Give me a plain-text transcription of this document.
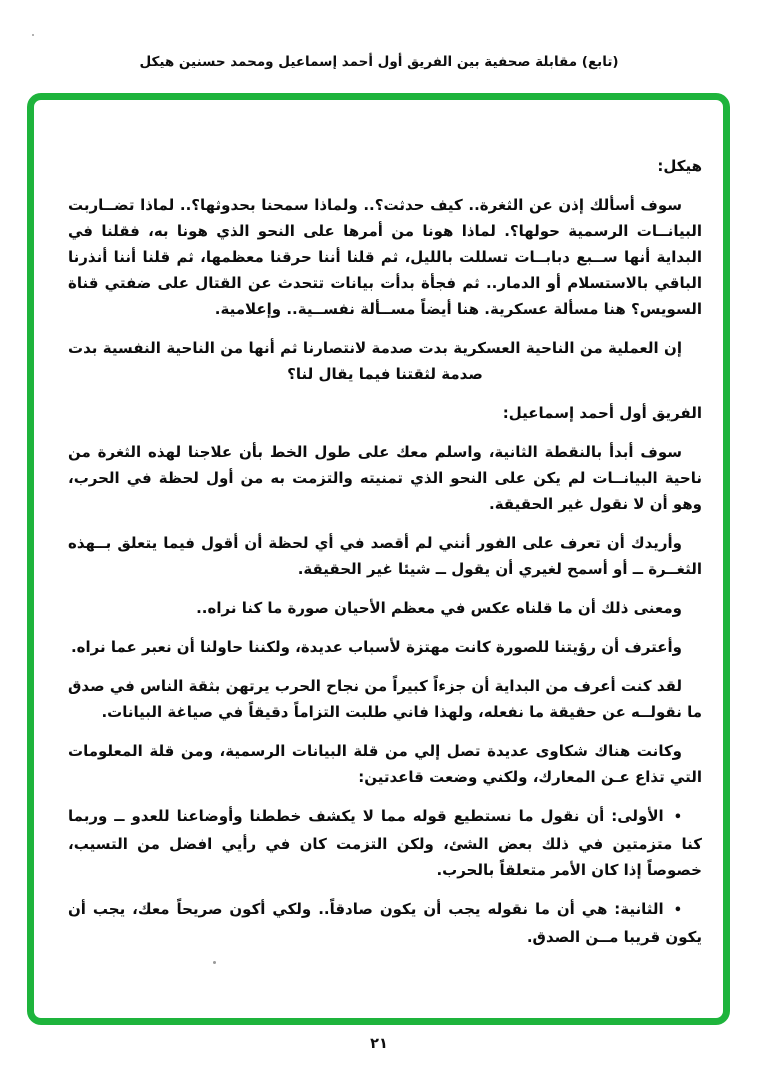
(تابع) مقابلة صحفية بين الفريق أول أحمد إسماعيل ومحمد حسنين هيكل

هيكل:

سوف أسألك إذن عن الثغرة.. كيف حدثت؟.. ولماذا سمحنا بحدوثها؟.. لماذا تضــاربت البيانــات الرسمية حولها؟. لماذا هونا من أمرها على النحو الذي هونا به، فقلنا في البداية أنها ســبع دبابــات تسللت بالليل، ثم قلنا أننا حرقنا معظمها، ثم قلنا أننا أنذرنا الباقي بالاستسلام أو الدمار.. ثم فجأة بدأت بيانات تتحدث عن القتال على ضفتي قناة السويس؟ هنا مسألة عسكرية. هنا أيضاً مســألة نفســية.. وإعلامية.

إن العملية من الناحية العسكرية بدت صدمة لانتصارنا ثم أنها من الناحية النفسية بدت صدمة لثقتنا فيما يقال لنا؟

الفريق أول أحمد إسماعيل:

سوف أبدأ بالنقطة الثانية، واسلم معك على طول الخط بأن علاجنا لهذه الثغرة من ناحية البيانــات لم يكن على النحو الذي تمنيته والتزمت به من أول لحظة في الحرب، وهو أن لا نقول غير الحقيقة.

وأريدك أن تعرف على الفور أنني لم أقصد في أي لحظة أن أقول فيما يتعلق بــهذه الثغــرة ــ أو أسمح لغيري أن يقول ــ شيئا غير الحقيقة.

ومعنى ذلك أن ما قلناه عكس في معظم الأحيان صورة ما كنا نراه..

وأعترف أن رؤيتنا للصورة كانت مهتزة لأسباب عديدة، ولكننا حاولنا أن نعبر عما نراه.

لقد كنت أعرف من البداية أن جزءاً كبيراً من نجاح الحرب يرتهن بثقة الناس في صدق ما نقولــه عن حقيقة ما نفعله، ولهذا فاني طلبت التزاماً دقيقاً في صياغة البيانات.

وكانت هناك شكاوى عديدة تصل إلي من قلة البيانات الرسمية، ومن قلة المعلومات التي تذاع عـن المعارك، ولكني وضعت قاعدتين:

•الأولى: أن نقول ما نستطيع قوله مما لا يكشف خططنا وأوضاعنا للعدو ــ وربما كنا متزمتين في ذلك بعض الشئ، ولكن التزمت كان في رأيي افضل من التسيب، خصوصاً إذا كان الأمر متعلقاً بالحرب.
•الثانية: هي أن ما نقوله يجب أن يكون صادقاً.. ولكي أكون صريحاً معك، يجب أن يكون قريبا مــن الصدق.
٢١
